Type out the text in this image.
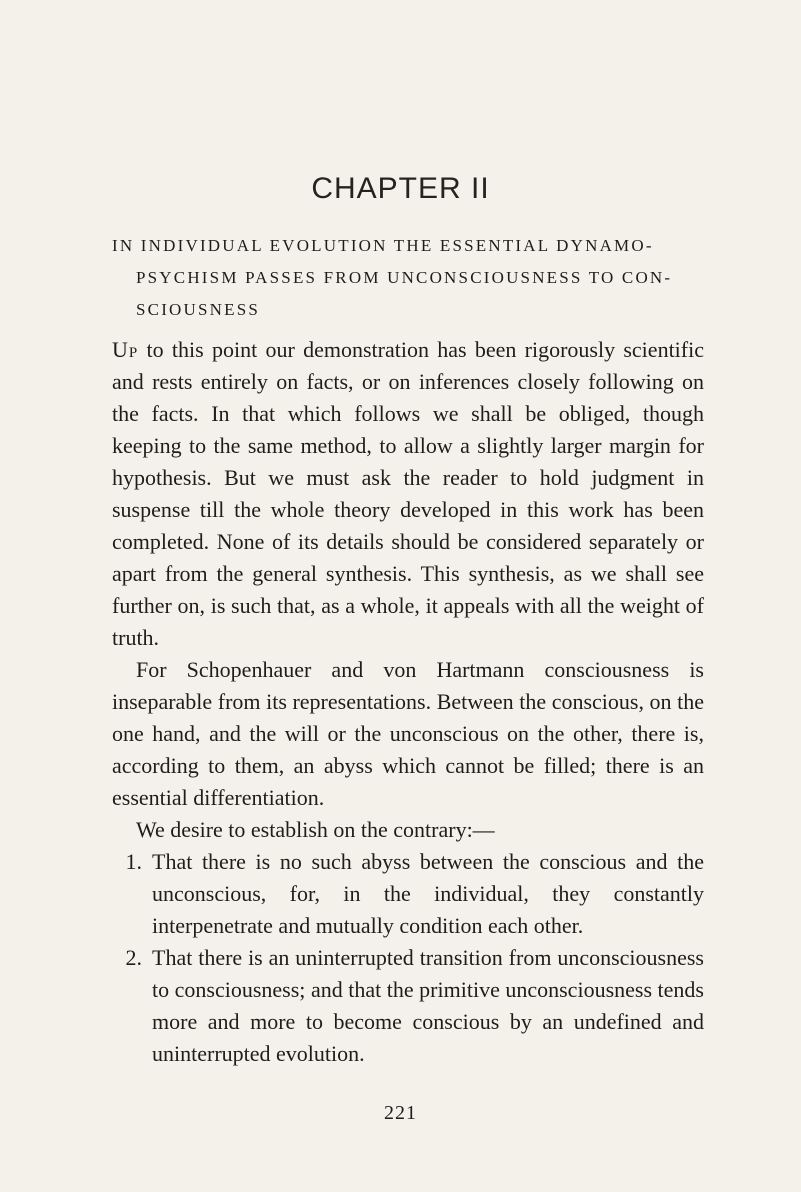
CHAPTER II
IN INDIVIDUAL EVOLUTION THE ESSENTIAL DYNAMO-
PSYCHISM PASSES FROM UNCONSCIOUSNESS TO CON-
SCIOUSNESS

Up to this point our demonstration has been rigorously scientific and rests entirely on facts, or on inferences closely following on the facts. In that which follows we shall be obliged, though keeping to the same method, to allow a slightly larger margin for hypothesis. But we must ask the reader to hold judgment in suspense till the whole theory developed in this work has been completed. None of its details should be considered separately or apart from the general synthesis. This synthesis, as we shall see further on, is such that, as a whole, it appeals with all the weight of truth.

For Schopenhauer and von Hartmann consciousness is inseparable from its representations. Between the conscious, on the one hand, and the will or the unconscious on the other, there is, according to them, an abyss which cannot be filled; there is an essential differentiation.

We desire to establish on the contrary:—

1. That there is no such abyss between the conscious and the unconscious, for, in the individual, they constantly interpenetrate and mutually condition each other.
2. That there is an uninterrupted transition from unconsciousness to consciousness; and that the primitive unconsciousness tends more and more to become conscious by an undefined and uninterrupted evolution.
221
